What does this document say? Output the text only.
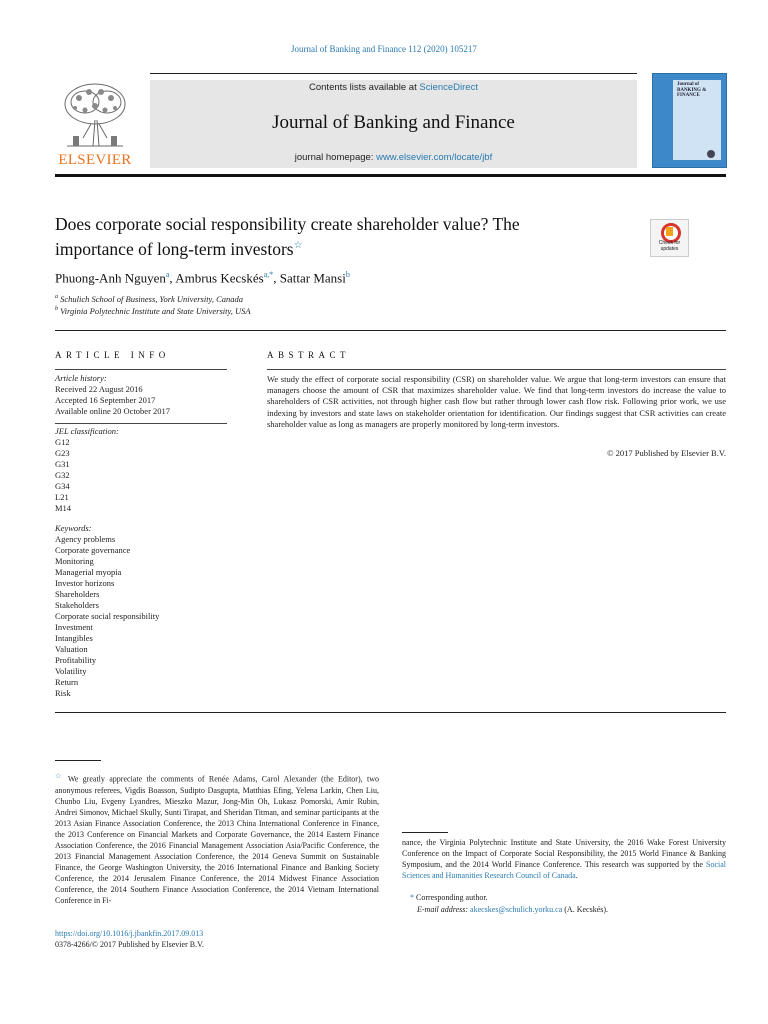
Journal of Banking and Finance 112 (2020) 105217
ELSEVIER
Contents lists available at ScienceDirect
Journal of Banking and Finance
journal homepage: www.elsevier.com/locate/jbf
Journal of BANKING & FINANCE
Does corporate social responsibility create shareholder value? The
importance of long-term investors☆	Check for
updates
Phuong-Anh Nguyen$^a$, Ambrus Kecskés$^{a,*}$, Sattar Mansi$^b$
$^a$ Schulich School of Business, York University, Canada
$^b$ Virginia Polytechnic Institute and State University, USA
ARTICLE INFO	ABSTRACT
Article history:
Received 22 August 2016
Accepted 16 September 2017
Available online 20 October 2017
JEL classification:
G12
G23
G31
G32
G34
L21
M14
Keywords:
Agency problems
Corporate governance
Monitoring
Managerial myopia
Investor horizons
Shareholders
Stakeholders
Corporate social responsibility
Investment
Intangibles
Valuation
Profitability
Volatility
Return
Risk
We study the effect of corporate social responsibility (CSR) on shareholder value. We argue that long-term investors can ensure that managers choose the amount of CSR that maximizes shareholder value. We find that long-term investors do increase the value to shareholders of CSR activities, not through higher cash flow but rather through lower cash flow risk. Following prior work, we use indexing by investors and state laws on stakeholder orientation for identification. Our findings suggest that CSR activities can create shareholder value as long as managers are properly monitored by long-term investors.
© 2017 Published by Elsevier B.V.
☆ We greatly appreciate the comments of Renée Adams, Carol Alexander (the Editor), two anonymous referees, Vigdis Boasson, Sudipto Dasgupta, Matthias Efing, Yelena Larkin, Chen Liu, Chunbo Liu, Evgeny Lyandres, Mieszko Mazur, Jong-Min Oh, Lukasz Pomorski, Amir Rubin, Andrei Simonov, Michael Skully, Sunti Tirapat, and Sheridan Titman, and seminar participants at the 2013 Asian Finance Association Conference, the 2013 China International Conference in Finance, the 2013 Conference on Financial Markets and Corporate Governance, the 2014 Eastern Finance Association Conference, the 2016 Financial Management Association Asia/Pacific Conference, the 2013 Financial Management Association Conference, the 2014 Geneva Summit on Sustainable Finance, the George Washington University, the 2016 International Finance and Banking Society Conference, the 2014 Jerusalem Finance Conference, the 2014 Midwest Finance Association Conference, the 2014 Southern Finance Association Conference, the 2014 Vietnam International Conference in Fi-
nance, the Virginia Polytechnic Institute and State University, the 2016 Wake Forest University Conference on the Impact of Corporate Social Responsibility, the 2015 World Finance & Banking Symposium, and the 2014 World Finance Conference. This research was supported by the Social Sciences and Humanities Research Council of Canada.
* Corresponding author.
E-mail address: akecskes@schulich.yorku.ca (A. Kecskés).
https://doi.org/10.1016/j.jbankfin.2017.09.013
0378-4266/© 2017 Published by Elsevier B.V.
